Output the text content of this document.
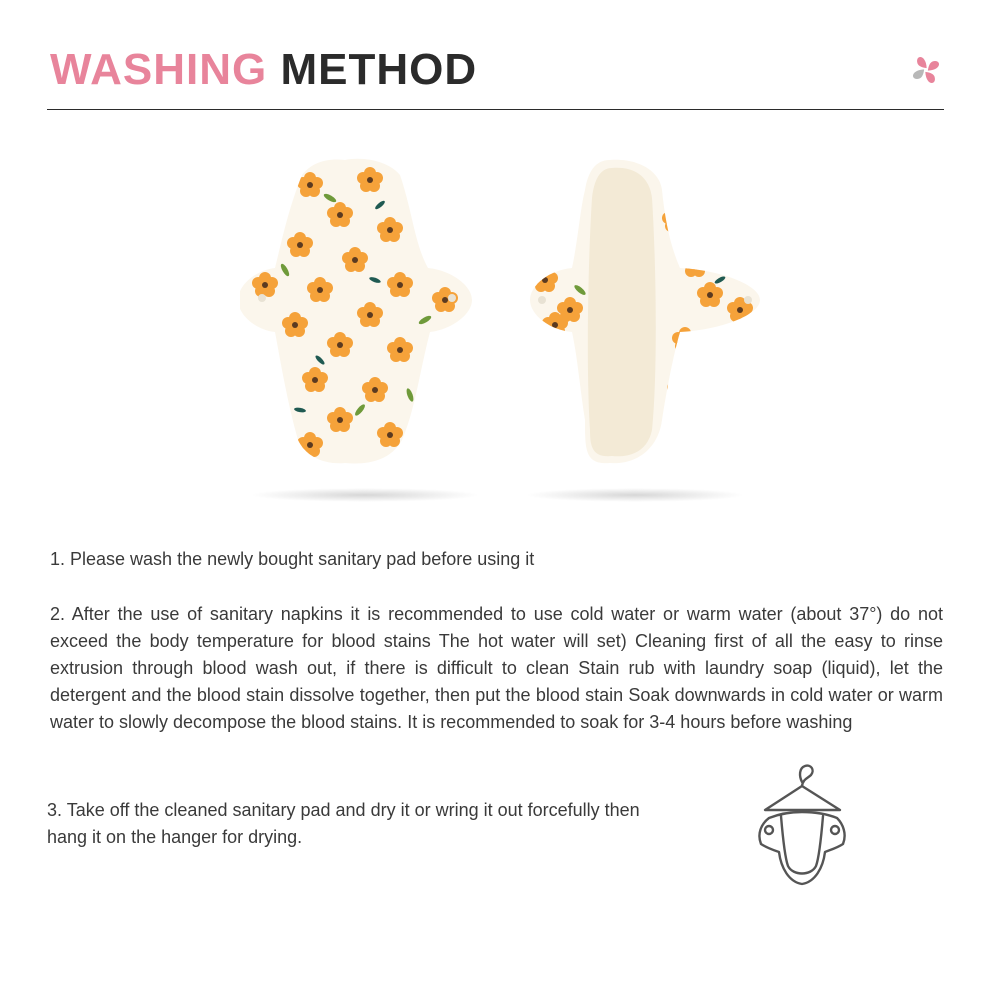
WASHING METHOD
1. Please wash the newly bought sanitary pad before using it
2. After the use of sanitary napkins it is recommended to use cold water or warm water (about 37°) do not exceed the body temperature for blood stains The hot water will set) Cleaning first of all the easy to rinse extrusion through blood wash out, if there is difficult to clean Stain rub with laundry soap (liquid), let the detergent and the blood stain dissolve together, then put the blood stain Soak downwards in cold water or warm water to slowly decompose the blood stains. It is recommended to soak for 3-4 hours before washing
3. Take off the cleaned sanitary pad and dry it or wring it out forcefully then hang it on the hanger for drying.
